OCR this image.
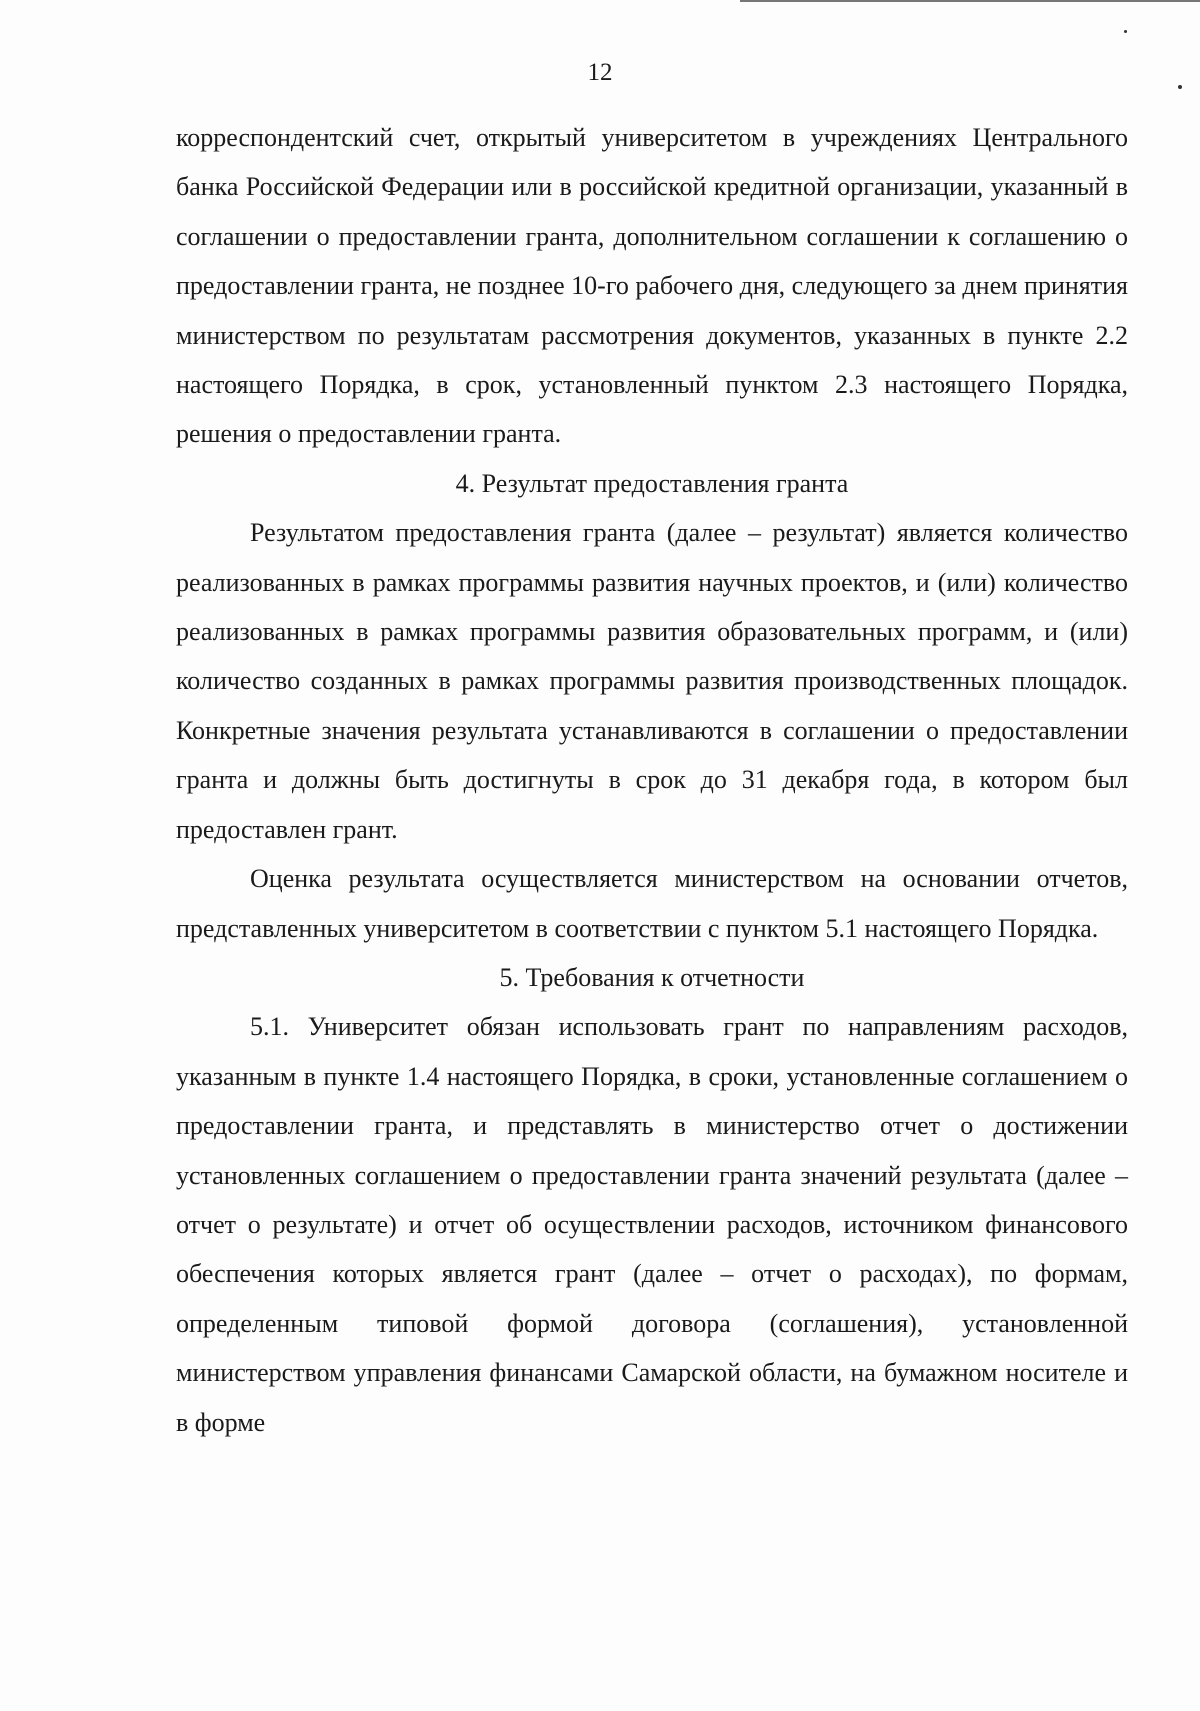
12

корреспондентский счет, открытый университетом в учреждениях Центрального банка Российской Федерации или в российской кредитной организации, указанный в соглашении о предоставлении гранта, дополнительном соглашении к соглашению о предоставлении гранта, не позднее 10-го рабочего дня, следующего за днем принятия министерством по результатам рассмотрения документов, указанных в пункте 2.2 настоящего Порядка, в срок, установленный пунктом 2.3 настоящего Порядка, решения о предоставлении гранта.

4. Результат предоставления гранта

Результатом предоставления гранта (далее – результат) является количество реализованных в рамках программы развития научных проектов, и (или) количество реализованных в рамках программы развития образовательных программ, и (или) количество созданных в рамках программы развития производственных площадок. Конкретные значения результата устанавливаются в соглашении о предоставлении гранта и должны быть достигнуты в срок до 31 декабря года, в котором был предоставлен грант.

Оценка результата осуществляется министерством на основании отчетов, представленных университетом в соответствии с пунктом 5.1 настоящего Порядка.

5. Требования к отчетности

5.1. Университет обязан использовать грант по направлениям расходов, указанным в пункте 1.4 настоящего Порядка, в сроки, установленные соглашением о предоставлении гранта, и представлять в министерство отчет о достижении установленных соглашением о предоставлении гранта значений результата (далее – отчет о результате) и отчет об осуществлении расходов, источником финансового обеспечения которых является грант (далее – отчет о расходах), по формам, определенным типовой формой договора (соглашения), установленной министерством управления финансами Самарской области, на бумажном носителе и в форме
